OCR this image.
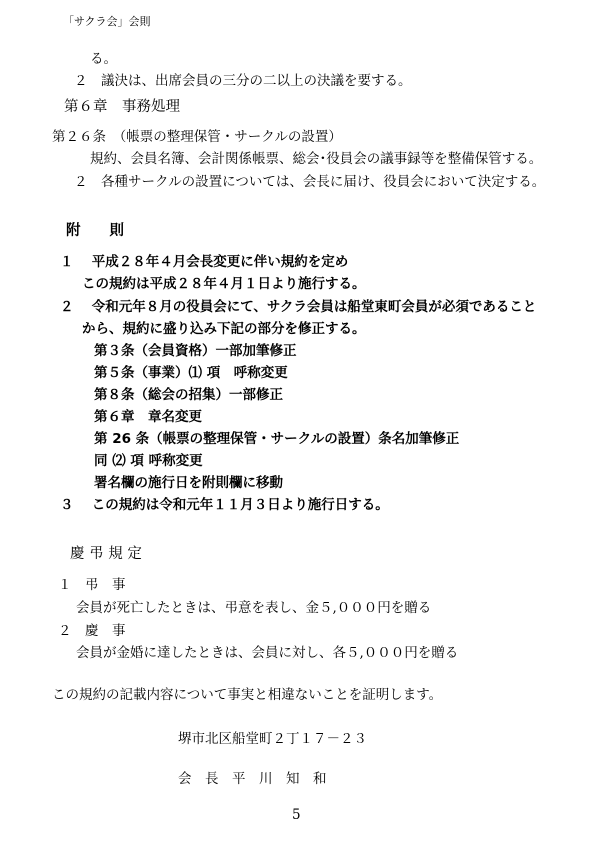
「サクラ会」会則
る。
２　議決は、出席会員の三分の二以上の決議を要する。
第６章　事務処理
第２６条　（帳票の整理保管・サークルの設置）
規約、会員名簿、会計関係帳票、総会･役員会の議事録等を整備保管する。
２　各種サークルの設置については、会長に届け、役員会において決定する。
附　　則
１　 平成２８年４月会長変更に伴い規約を定め
この規約は平成２８年４月１日より施行する。
２　 令和元年８月の役員会にて、サクラ会員は船堂東町会員が必須であること
から、規約に盛り込み下記の部分を修正する。
第３条（会員資格）一部加筆修正
第５条（事業）⑴ 項　呼称変更
第８条（総会の招集）一部修正
第６章　章名変更
第 26 条（帳票の整理保管・サークルの設置）条名加筆修正
同 ⑵ 項 呼称変更
署名欄の施行日を附則欄に移動
３　 この規約は令和元年１１月３日より施行日する。
慶 弔 規 定
１　弔　事
会員が死亡したときは、弔意を表し、金５,０００円を贈る
２　慶　事
会員が金婚に達したときは、会員に対し、各５,０００円を贈る
この規約の記載内容について事実と相違ないことを証明します。
堺市北区船堂町２丁１７－２３
会　長　平　川　知　和
5
